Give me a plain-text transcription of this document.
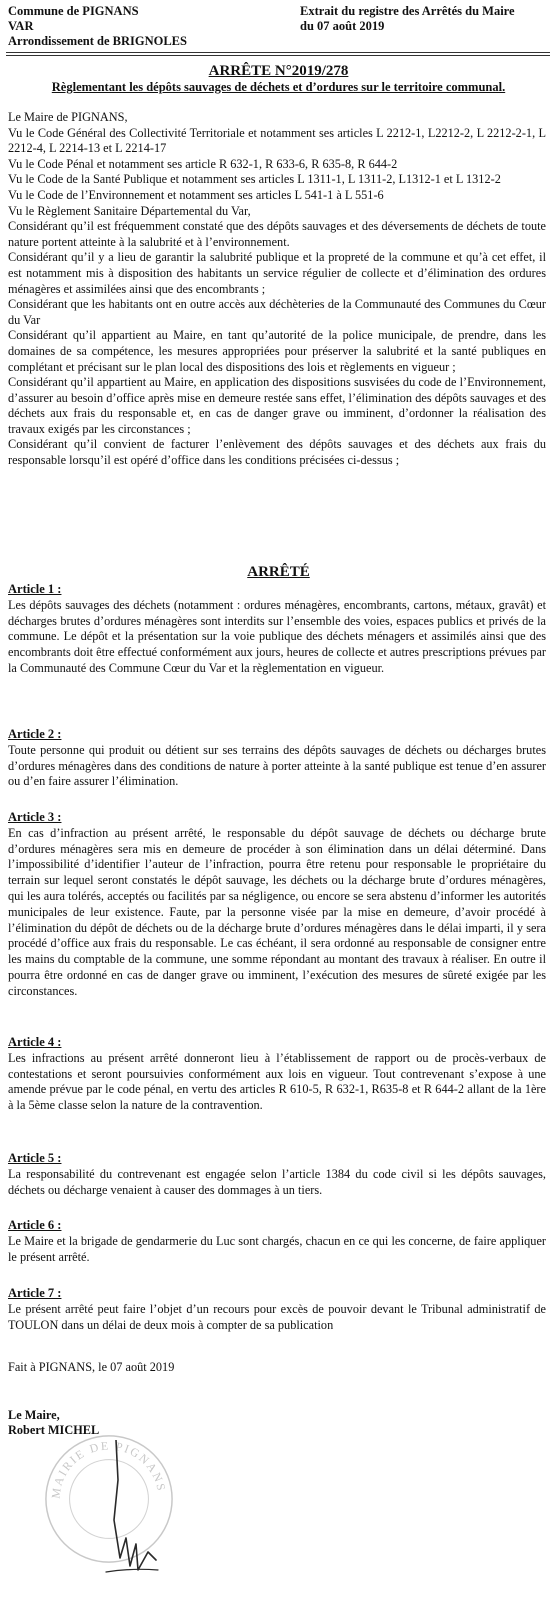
Commune de PIGNANS
VAR
Arrondissement de BRIGNOLES
Extrait du registre des Arrêtés du Maire
du 07 août 2019
ARRÊTE N°2019/278
Règlementant les dépôts sauvages de déchets et d’ordures sur le territoire communal.

Le Maire de PIGNANS,

Vu le Code Général des Collectivité Territoriale et notamment ses articles L 2212-1, L2212-2, L 2212-2-1, L 2212-4, L 2214-13 et L 2214-17

Vu le Code Pénal et notamment ses article R 632-1, R 633-6, R 635-8, R 644-2

Vu le Code de la Santé Publique et notamment ses articles L 1311-1, L 1311-2, L1312-1 et L 1312-2

Vu le Code de l’Environnement et notamment ses articles L 541-1 à L 551-6

Vu le Règlement Sanitaire Départemental du Var,

Considérant qu’il est fréquemment constaté que des dépôts sauvages et des déversements de déchets de toute nature portent atteinte à la salubrité et à l’environnement.

Considérant qu’il y a lieu de garantir la salubrité publique et la propreté de la commune et qu’à cet effet, il est notamment mis à disposition des habitants un service régulier de collecte et d’élimination des ordures ménagères et assimilées ainsi que des encombrants ;

Considérant que les habitants ont en outre accès aux déchèteries de la Communauté des Communes du Cœur du Var

Considérant qu’il appartient au Maire, en tant qu’autorité de la police municipale, de prendre, dans les domaines de sa compétence, les mesures appropriées pour préserver la salubrité et la santé publiques en complétant et précisant sur le plan local des dispositions des lois et règlements en vigueur ;

Considérant qu’il appartient au Maire, en application des dispositions susvisées du code de l’Environnement, d’assurer au besoin d’office après mise en demeure restée sans effet, l’élimination des dépôts sauvages et des déchets aux frais du responsable et, en cas de danger grave ou imminent, d’ordonner la réalisation des travaux exigés par les circonstances ;

Considérant qu’il convient de facturer l’enlèvement des dépôts sauvages et des déchets aux frais du responsable lorsqu’il est opéré d’office dans les conditions précisées ci-dessus ;

ARRÊTÉ
Article 1 :

Les dépôts sauvages des déchets (notamment : ordures ménagères, encombrants, cartons, métaux, gravât) et décharges brutes d’ordures ménagères sont interdits sur l’ensemble des voies, espaces publics et privés de la commune. Le dépôt et la présentation sur la voie publique des déchets ménagers et assimilés ainsi que des encombrants doit être effectué conformément aux jours, heures de collecte et autres prescriptions prévues par la Communauté des Commune Cœur du Var et la règlementation en vigueur.

Article 2 :

Toute personne qui produit ou détient sur ses terrains des dépôts sauvages de déchets ou décharges brutes d’ordures ménagères dans des conditions de nature à porter atteinte à la santé publique est tenue d’en assurer ou d’en faire assurer l’élimination.

Article 3 :

En cas d’infraction au présent arrêté, le responsable du dépôt sauvage de déchets ou décharge brute d’ordures ménagères sera mis en demeure de procéder à son élimination dans un délai déterminé. Dans l’impossibilité d’identifier l’auteur de l’infraction, pourra être retenu pour responsable le propriétaire du terrain sur lequel seront constatés le dépôt sauvage, les déchets ou la décharge brute d’ordures ménagères, qui les aura tolérés, acceptés ou facilités par sa négligence, ou encore se sera abstenu d’informer les autorités municipales de leur existence. Faute, par la personne visée par la mise en demeure, d’avoir procédé à l’élimination du dépôt de déchets ou de la décharge brute d’ordures ménagères dans le délai imparti, il y sera procédé d’office aux frais du responsable. Le cas échéant, il sera ordonné au responsable de consigner entre les mains du comptable de la commune, une somme répondant au montant des travaux à réaliser. En outre il pourra être ordonné en cas de danger grave ou imminent, l’exécution des mesures de sûreté exigée par les circonstances.

Article 4 :

Les infractions au présent arrêté donneront lieu à l’établissement de rapport ou de procès-verbaux de contestations et seront poursuivies conformément aux lois en vigueur. Tout contrevenant s’expose à une amende prévue par le code pénal, en vertu des articles R 610-5, R 632-1, R635-8 et R 644-2 allant de la 1ère à la 5ème classe selon la nature de la contravention.

Article 5 :

La responsabilité du contrevenant est engagée selon l’article 1384 du code civil si les dépôts sauvages, déchets ou décharge venaient à causer des dommages à un tiers.

Article 6 :

Le Maire et la brigade de gendarmerie du Luc sont chargés, chacun en ce qui les concerne, de faire appliquer le présent arrêté.

Article 7 :

Le présent arrêté peut faire l’objet d’un recours pour excès de pouvoir devant le Tribunal administratif de TOULON dans un délai de deux mois à compter de sa publication

Fait à PIGNANS, le 07 août 2019
MAIRIE DE PIGNANS
Le Maire,
Robert MICHEL
